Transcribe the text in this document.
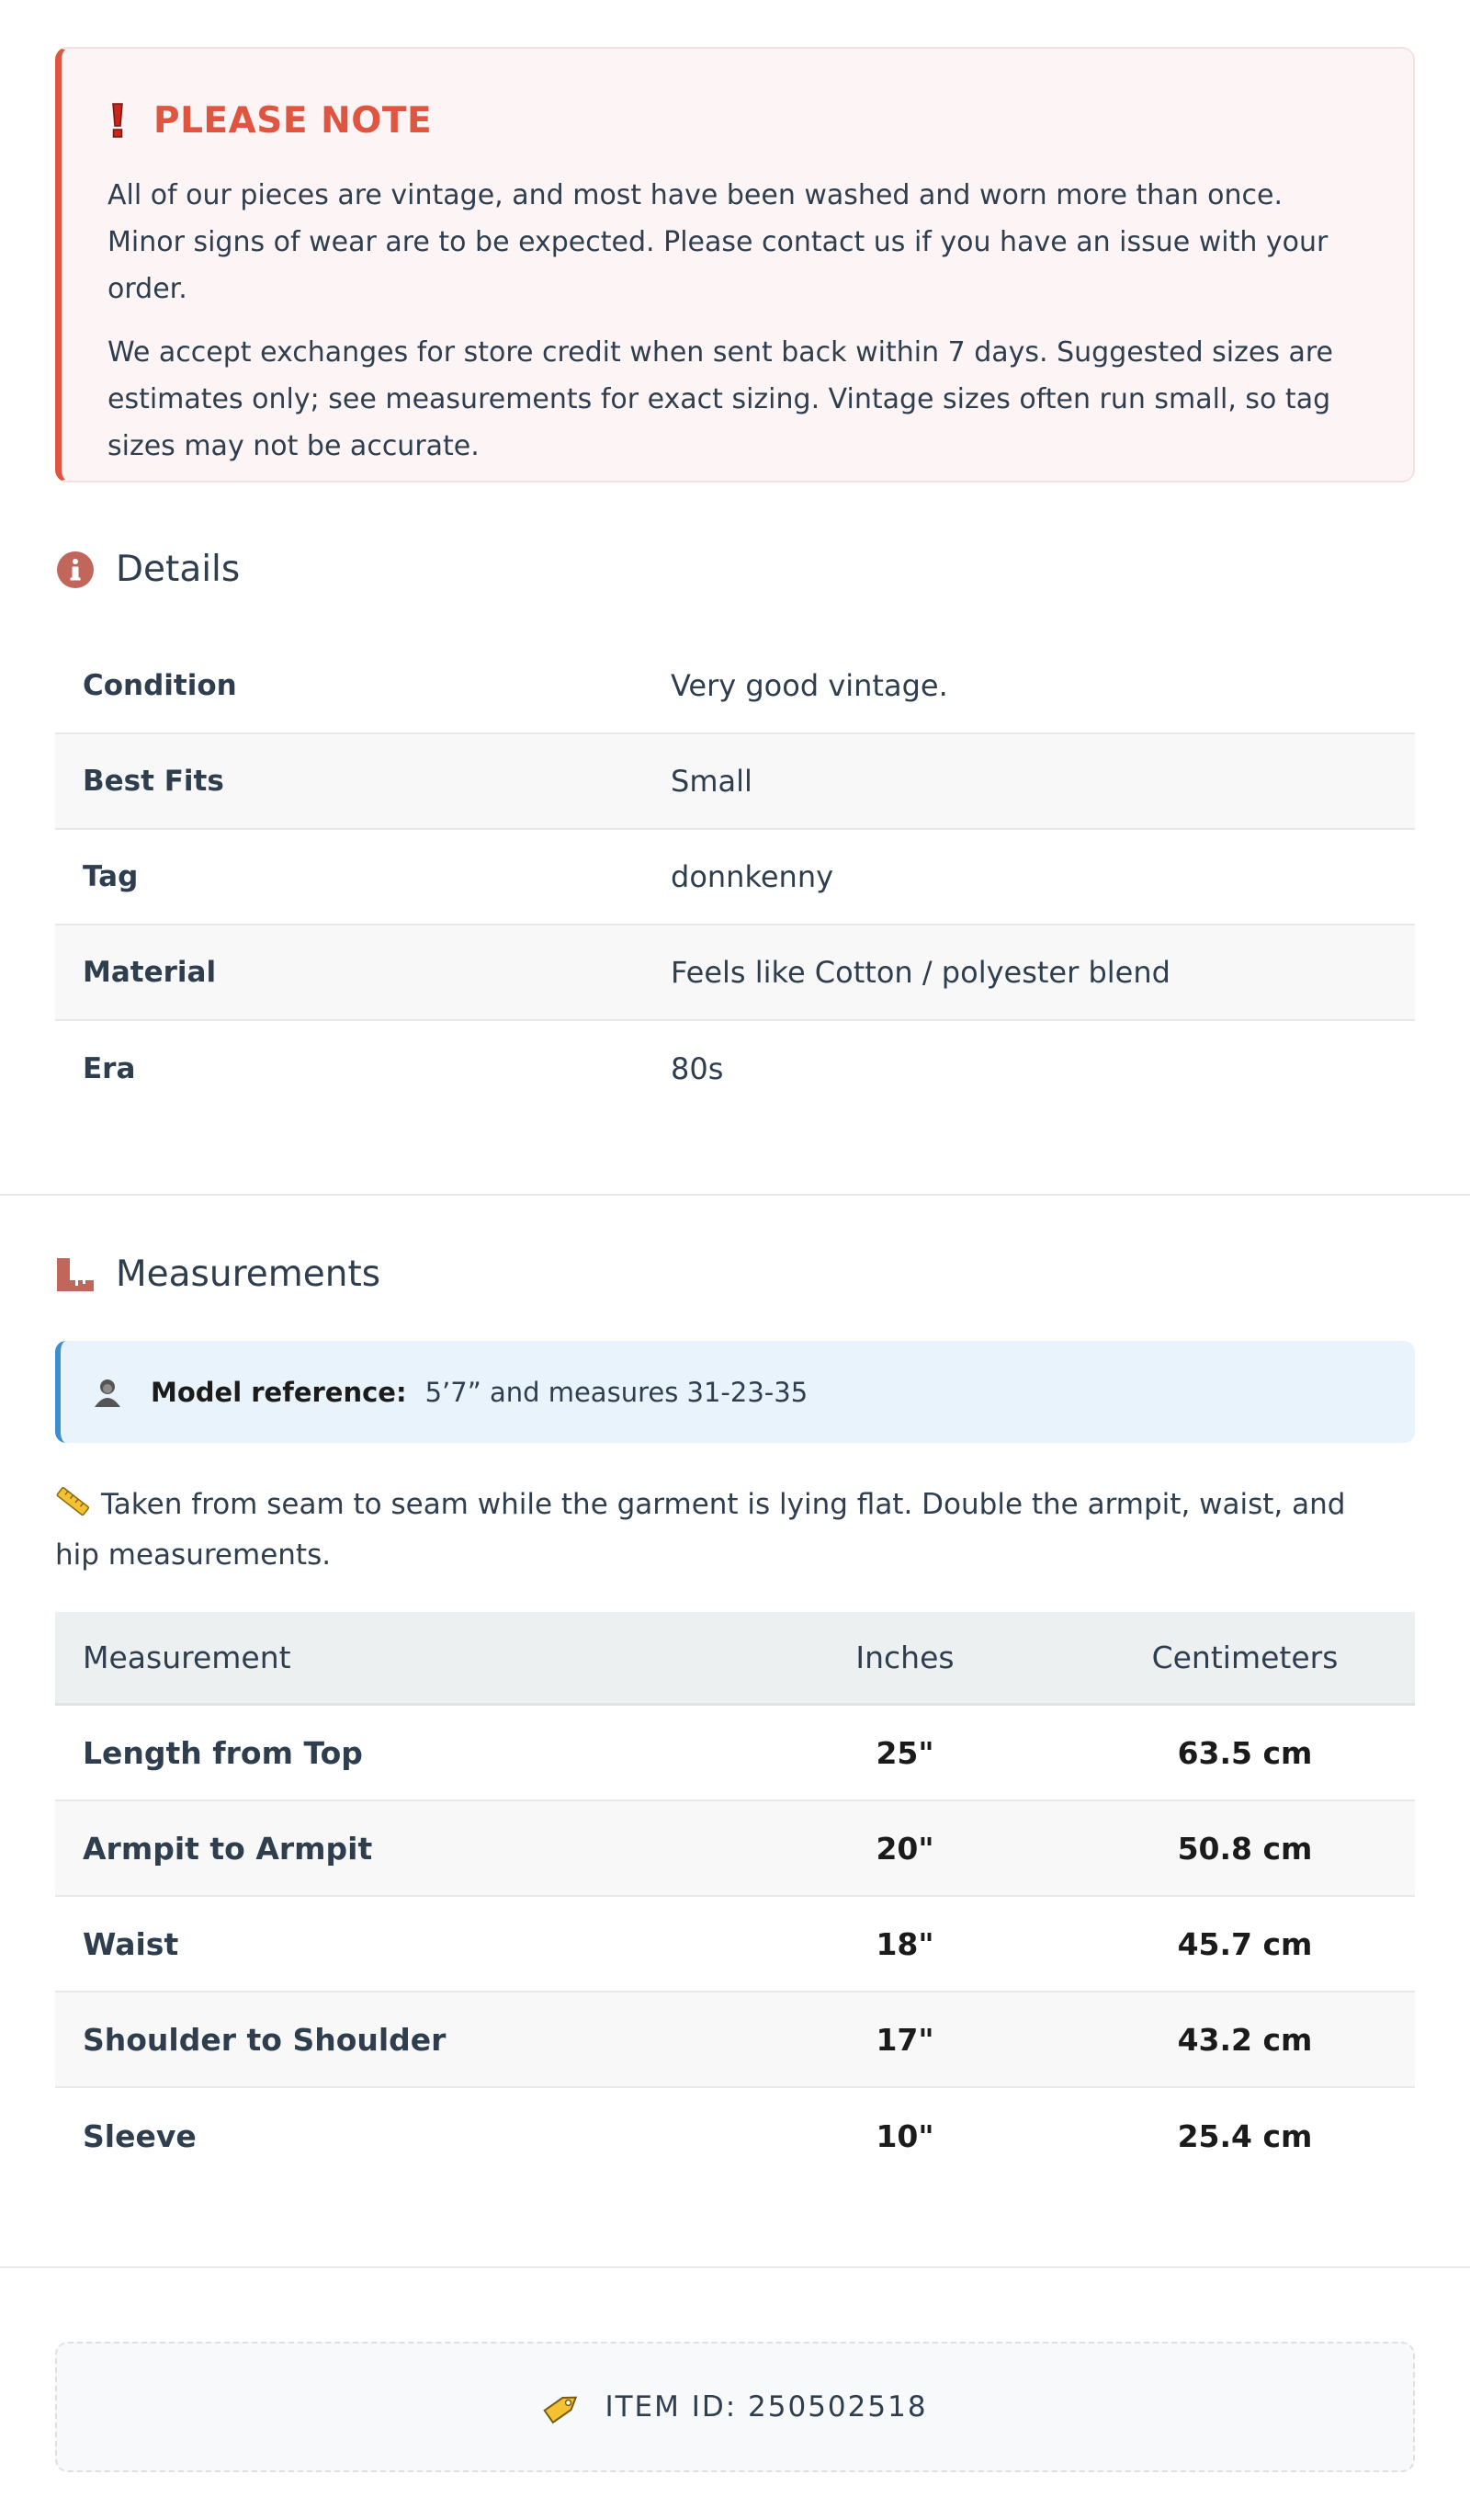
PLEASE NOTE

All of our pieces are vintage, and most have been washed and worn more than once. Minor signs of wear are to be expected. Please contact us if you have an issue with your order.

We accept exchanges for store credit when sent back within 7 days. Suggested sizes are estimates only; see measurements for exact sizing. Vintage sizes often run small, so tag sizes may not be accurate.

Details
Condition	Very good vintage.
Best Fits	Small
Tag	donnkenny
Material	Feels like Cotton / polyester blend
Era	80s
Measurements
Model reference: 5’7” and measures 31-23-35
Taken from seam to seam while the garment is lying flat. Double the armpit, waist, and hip measurements.
Measurement	Inches	Centimeters
Length from Top	25"	63.5 cm
Armpit to Armpit	20"	50.8 cm
Waist	18"	45.7 cm
Shoulder to Shoulder	17"	43.2 cm
Sleeve	10"	25.4 cm
ITEM ID: 250502518
